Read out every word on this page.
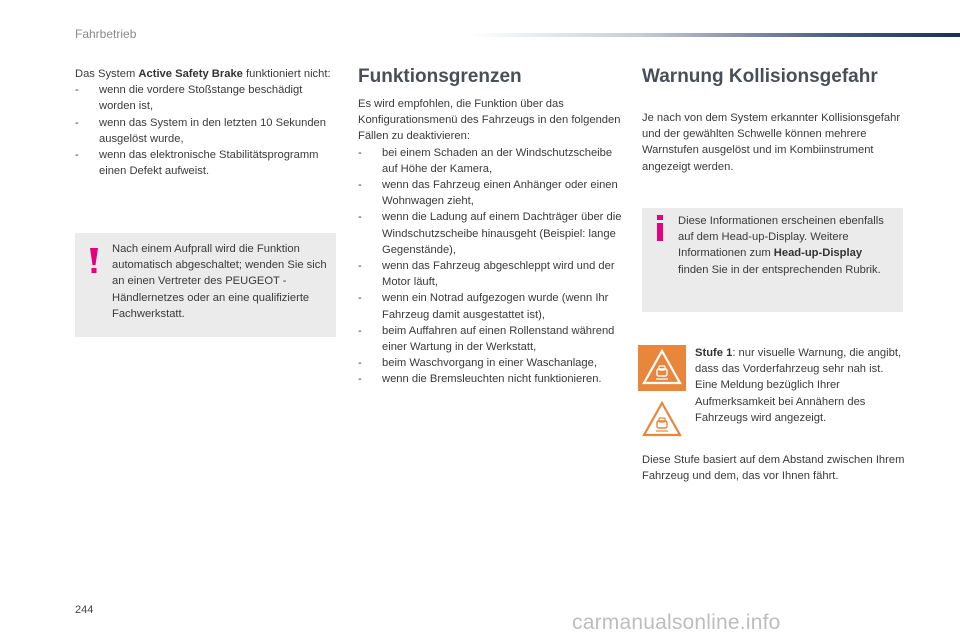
Fahrbetrieb

Das System Active Safety Brake funktioniert nicht:

- wenn die vordere Stoßstange beschädigt worden ist,
- wenn das System in den letzten 10 Sekunden ausgelöst wurde,
- wenn das elektronische Stabilitätsprogramm einen Defekt aufweist.
Nach einem Aufprall wird die Funktion automatisch abgeschaltet; wenden Sie sich an einen Vertreter des PEUGEOT -Händlernetzes oder an eine qualifizierte Fachwerkstatt.
Funktionsgrenzen

Es wird empfohlen, die Funktion über das Konfigurationsmenü des Fahrzeugs in den folgenden Fällen zu deaktivieren:

- bei einem Schaden an der Windschutzscheibe auf Höhe der Kamera,
- wenn das Fahrzeug einen Anhänger oder einen Wohnwagen zieht,
- wenn die Ladung auf einem Dachträger über die Windschutzscheibe hinausgeht (Beispiel: lange Gegenstände),
- wenn das Fahrzeug abgeschleppt wird und der Motor läuft,
- wenn ein Notrad aufgezogen wurde (wenn Ihr Fahrzeug damit ausgestattet ist),
- beim Auffahren auf einen Rollenstand während einer Wartung in der Werkstatt,
- beim Waschvorgang in einer Waschanlage,
- wenn die Bremsleuchten nicht funktionieren.
Warnung Kollisionsgefahr

Je nach von dem System erkannter Kollisionsgefahr und der gewählten Schwelle können mehrere Warnstufen ausgelöst und im Kombiinstrument angezeigt werden.

Diese Informationen erscheinen ebenfalls auf dem Head-up-Display. Weitere Informationen zum Head-up-Display finden Sie in der entsprechenden Rubrik.

Stufe 1: nur visuelle Warnung, die angibt, dass das Vorderfahrzeug sehr nah ist.

Eine Meldung bezüglich Ihrer Aufmerksamkeit bei Annähern des Fahrzeugs wird angezeigt.

Diese Stufe basiert auf dem Abstand zwischen Ihrem Fahrzeug und dem, das vor Ihnen fährt.

244
carmanualsonline.info
